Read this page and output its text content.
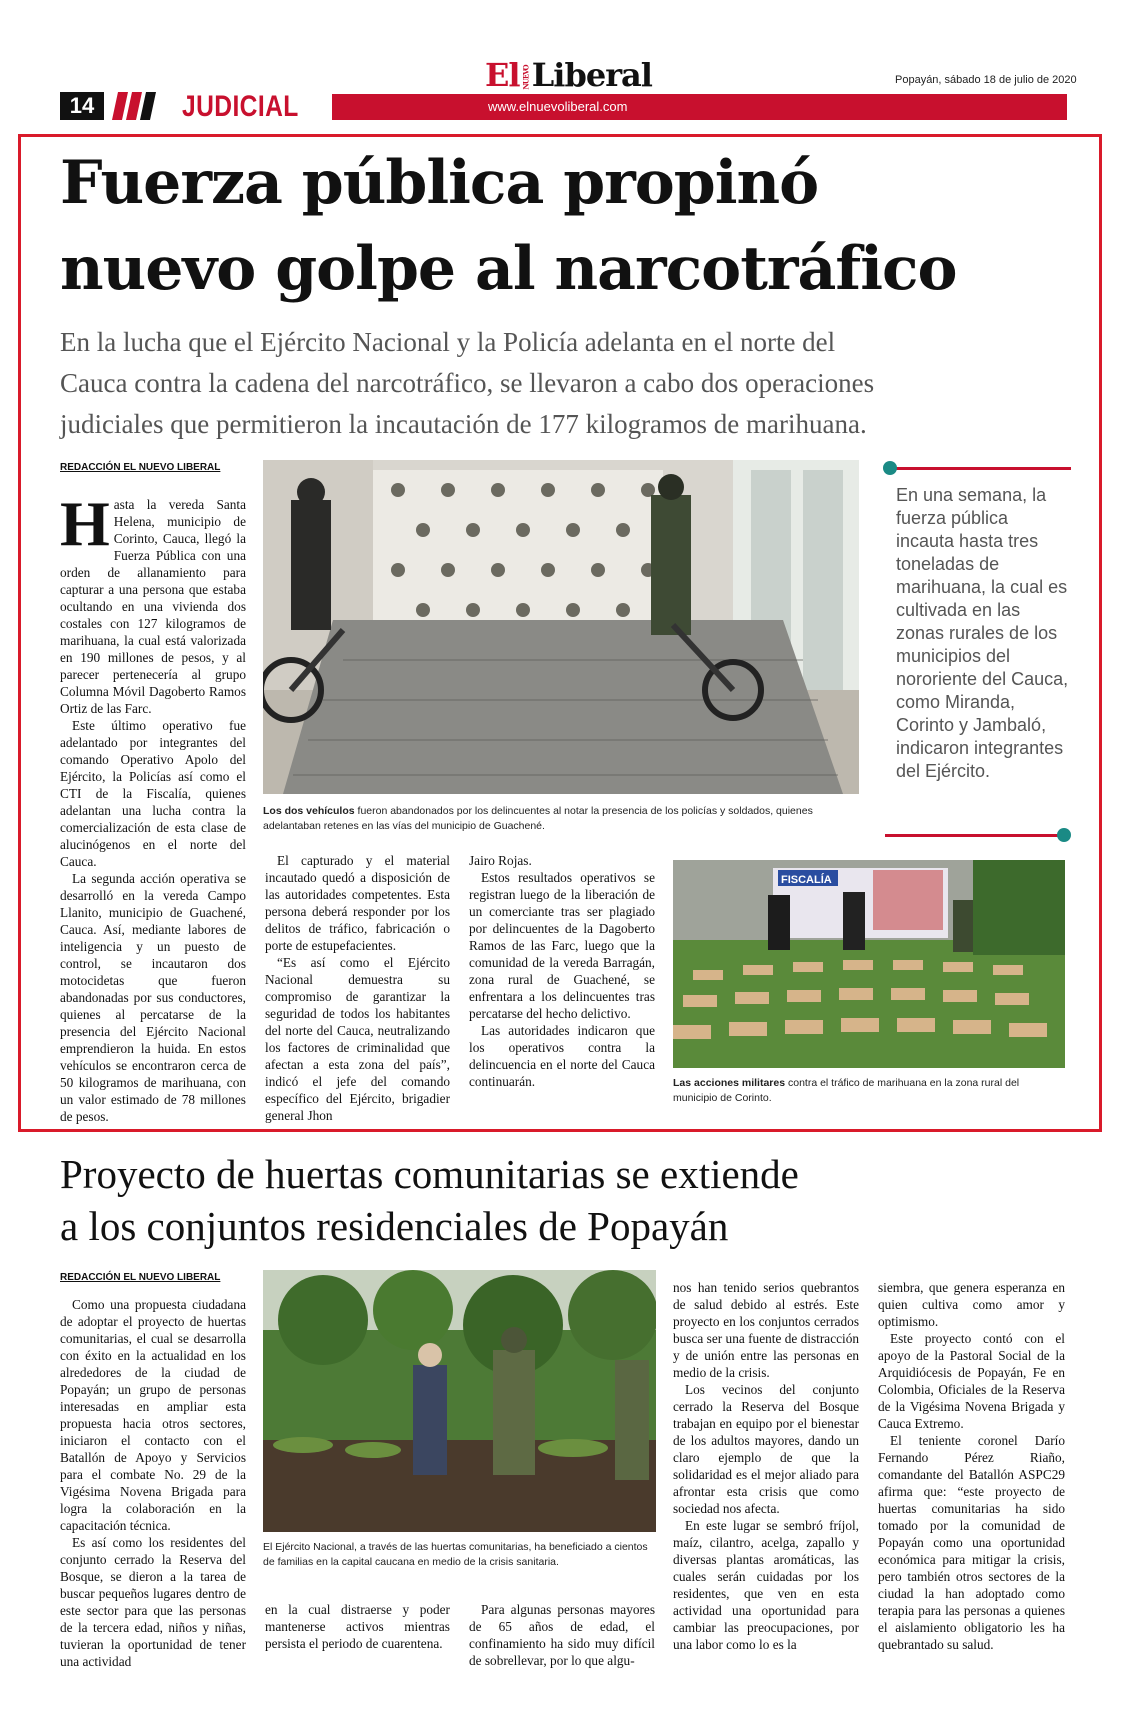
El NUEVOLiberal	Popayán, sábado 18 de julio de 2020
14	JUDICIAL	www.elnuevoliberal.com
Fuerza pública propinó
nuevo golpe al narcotráfico
En la lucha que el Ejército Nacional y la Policía adelanta en el norte del
Cauca contra la cadena del narcotráfico, se llevaron a cabo dos operaciones
judiciales que permitieron la incautación de 177 kilogramos de marihuana.
REDACCIÓN EL NUEVO LIBERAL
H asta la vereda Santa Helena, municipio de Corinto, Cauca, llegó la Fuerza Pública con una orden de allanamiento para capturar a una persona que estaba ocultando en una vivienda dos costales con 127 kilogramos de marihuana, la cual está valorizada en 190 millones de pesos, y al parecer pertenecería al grupo Columna Móvil Dagoberto Ramos Ortiz de las Farc.

Este último operativo fue adelantado por integrantes del comando Operativo Apolo del Ejército, la Policías así como el CTI de la Fiscalía, quienes adelantan una lucha contra la comercialización de esta clase de alucinógenos en el norte del Cauca.

La segunda acción operativa se desarrolló en la vereda Campo Llanito, municipio de Guachené, Cauca. Así, mediante labores de inteligencia y un puesto de control, se incautaron dos motocidetas que fueron abandonadas por sus conductores, quienes al percatarse de la presencia del Ejército Nacional emprendieron la huida. En estos vehículos se encontraron cerca de 50 kilogramos de marihuana, con un valor estimado de 78 millones de pesos.

Los dos vehículos fueron abandonados por los delincuentes al notar la presencia de los policías y soldados, quienes adelantaban retenes en las vías del municipio de Guachené.
En una semana, la fuerza pública incauta hasta tres toneladas de marihuana, la cual es cultivada en las zonas rurales de los municipios del nororiente del Cauca, como Miranda, Corinto y Jambaló, indicaron integrantes del Ejército.

El capturado y el material incautado quedó a disposición de las autoridades competentes. Esta persona deberá responder por los delitos de tráfico, fabricación o porte de estupefacientes.

“Es así como el Ejército Nacional demuestra su compromiso de garantizar la seguridad de todos los habitantes del norte del Cauca, neutralizando los factores de criminalidad que afectan a esta zona del país”, indicó el jefe del comando específico del Ejército, brigadier general Jhon

Jairo Rojas.

Estos resultados operativos se registran luego de la liberación de un comerciante tras ser plagiado por delincuentes de la Dagoberto Ramos de las Farc, luego que la comunidad de la vereda Barragán, zona rural de Guachené, se enfrentara a los delincuentes tras percatarse del hecho delictivo.

Las autoridades indicaron que los operativos contra la delincuencia en el norte del Cauca continuarán.

FISCALÍA
Las acciones militares contra el tráfico de marihuana en la zona rural del municipio de Corinto.
Proyecto de huertas comunitarias se extiende
a los conjuntos residenciales de Popayán
REDACCIÓN EL NUEVO LIBERAL

Como una propuesta ciudadana de adoptar el proyecto de huertas comunitarias, el cual se desarrolla con éxito en la actualidad en los alrededores de la ciudad de Popayán; un grupo de personas interesadas en ampliar esta propuesta hacia otros sectores, iniciaron el contacto con el Batallón de Apoyo y Servicios para el combate No. 29 de la Vigésima Novena Brigada para logra la colaboración en la capacitación técnica.

Es así como los residentes del conjunto cerrado la Reserva del Bosque, se dieron a la tarea de buscar pequeños lugares dentro de este sector para que las personas de la tercera edad, niños y niñas, tuvieran la oportunidad de tener una actividad

El Ejército Nacional, a través de las huertas comunitarias, ha beneficiado a cientos de familias en la capital caucana en medio de la crisis sanitaria.

en la cual distraerse y poder mantenerse activos mientras persista el periodo de cuarentena.

Para algunas personas mayores de 65 años de edad, el confinamiento ha sido muy difícil de sobrellevar, por lo que algu-

nos han tenido serios quebrantos de salud debido al estrés. Este proyecto en los conjuntos cerrados busca ser una fuente de distracción y de unión entre las personas en medio de la crisis.

Los vecinos del conjunto cerrado la Reserva del Bosque trabajan en equipo por el bienestar de los adultos mayores, dando un claro ejemplo de que la solidaridad es el mejor aliado para afrontar esta crisis que como sociedad nos afecta.

En este lugar se sembró fríjol, maíz, cilantro, acelga, zapallo y diversas plantas aromáticas, las cuales serán cuidadas por los residentes, que ven en esta actividad una oportunidad para cambiar las preocupaciones, por una labor como lo es la

siembra, que genera esperanza en quien cultiva como amor y optimismo.

Este proyecto contó con el apoyo de la Pastoral Social de la Arquidiócesis de Popayán, Fe en Colombia, Oficiales de la Reserva de la Vigésima Novena Brigada y Cauca Extremo.

El teniente coronel Darío Fernando Pérez Riaño, comandante del Batallón ASPC29 afirma que: “este proyecto de huertas comunitarias ha sido tomado por la comunidad de Popayán como una oportunidad económica para mitigar la crisis, pero también otros sectores de la ciudad la han adoptado como terapia para las personas a quienes el aislamiento obligatorio les ha quebrantado su salud.
